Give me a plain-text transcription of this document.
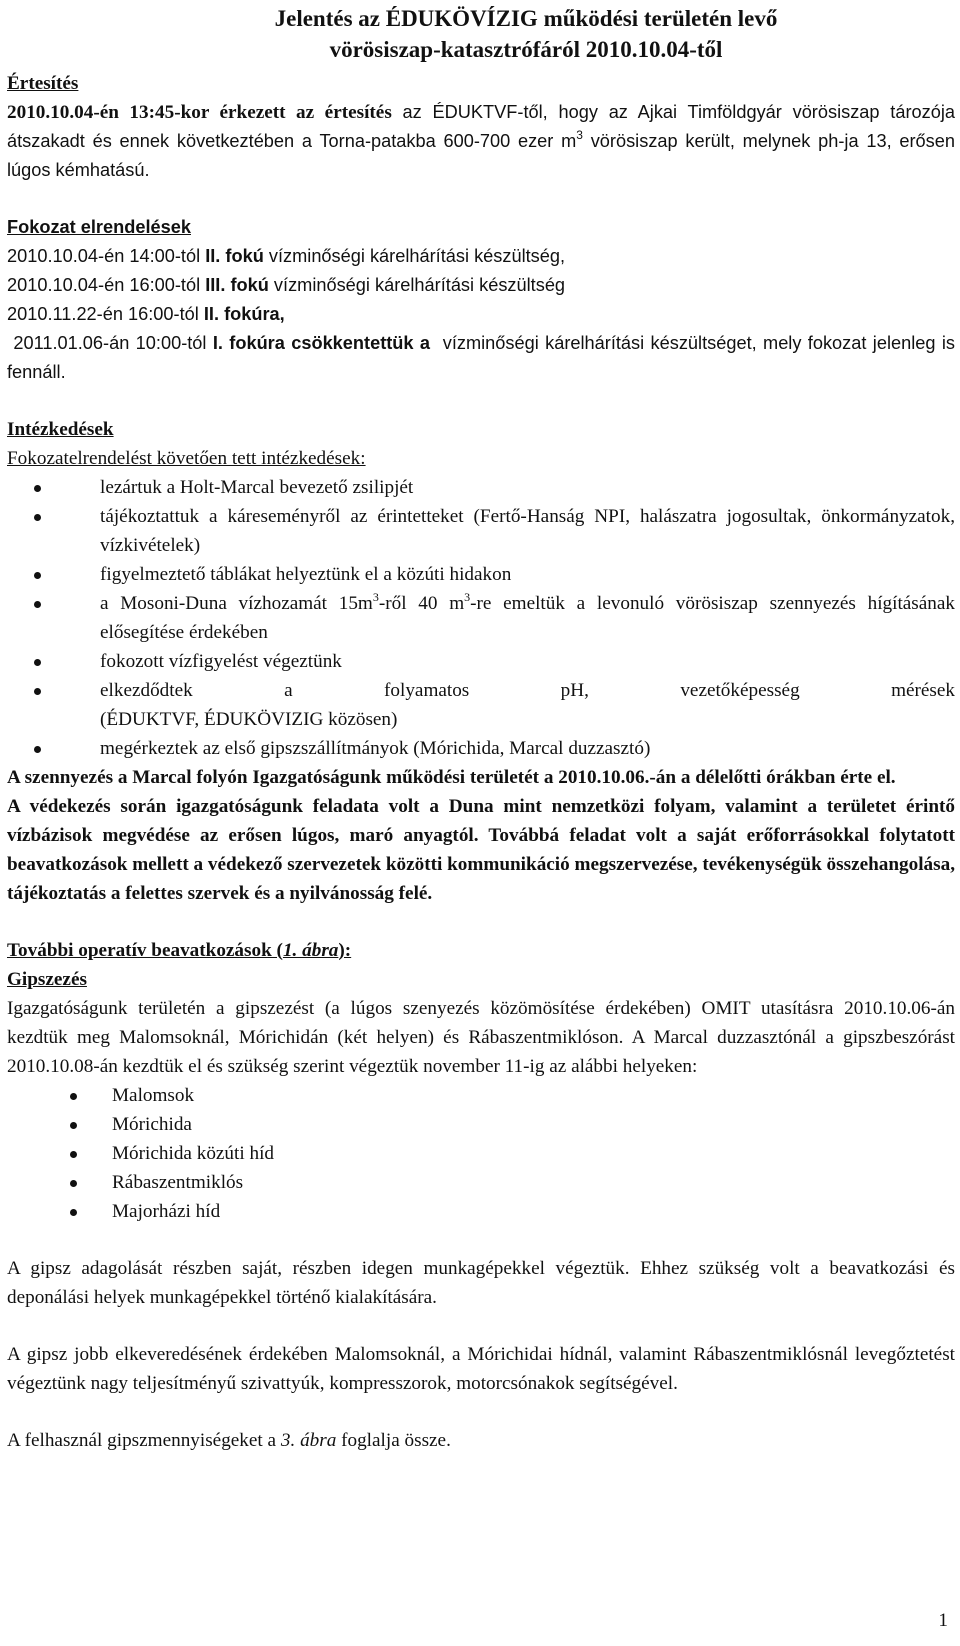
Jelentés az ÉDUKÖVÍZIG működési területén levő
vörösiszap-katasztrófáról 2010.10.04-től
Értesítés

2010.10.04-én 13:45-kor érkezett az értesítés az ÉDUKTVF-től, hogy az Ajkai Timföldgyár vörösiszap tározója átszakadt és ennek következtében a Torna-patakba 600-700 ezer $m^3$ vörösiszap került, melynek ph-ja 13, erősen lúgos kémhatású.

Fokozat elrendelések
2010.10.04-én 14:00-tól II. fokú vízminőségi kárelhárítási készültség,
2010.10.04-én 16:00-tól III. fokú vízminőségi kárelhárítási készültség
2010.11.22-én 16:00-tól II. fokúra,
2011.01.06-án 10:00-tól I. fokúra csökkentettük a  vízminőségi kárelhárítási készültséget, mely fokozat jelenleg is fennáll.
Intézkedések
Fokozatelrendelést követően tett intézkedések:
lezártuk a Holt-Marcal bevezető zsilipjét
tájékoztattuk a káreseményről az érintetteket (Fertő-Hanság NPI, halászatra jogosultak, önkormányzatok, vízkivételek)
figyelmeztető táblákat helyeztünk el a közúti hidakon
a Mosoni-Duna vízhozamát $15m^3$-ről 40 $m^3-re$ emeltük a levonuló vörösiszap szennyezés hígításának elősegítése érdekében
fokozott vízfigyelést végeztünk
elkezdődtek a folyamatos pH, vezetőképesség mérések
(ÉDUKTVF, ÉDUKÖVIZIG közösen)
megérkeztek az első gipszszállítmányok (Mórichida, Marcal duzzasztó)

A szennyezés a Marcal folyón Igazgatóságunk működési területét a 2010.10.06.-án a délelőtti órákban érte el.

A védekezés során igazgatóságunk feladata volt a Duna mint nemzetközi folyam, valamint a területet érintő vízbázisok megvédése az erősen lúgos, maró anyagtól. Továbbá feladat volt a saját erőforrásokkal folytatott beavatkozások mellett a védekező szervezetek közötti kommunikáció megszervezése, tevékenységük összehangolása, tájékoztatás a felettes szervek és a nyilvánosság felé.

További operatív beavatkozások (1. ábra):
Gipszezés

Igazgatóságunk területén a gipszezést (a lúgos szenyezés közömösítése érdekében) OMIT utasításra 2010.10.06-án kezdtük meg Malomsoknál, Mórichidán (két helyen) és Rábaszentmiklóson. A Marcal duzzasztónál a gipszbeszórást 2010.10.08-án kezdtük el és szükség szerint végeztük november 11-ig az alábbi helyeken:

Malomsok
Mórichida
Mórichida közúti híd
Rábaszentmiklós
Majorházi híd

A gipsz adagolását részben saját, részben idegen munkagépekkel végeztük. Ehhez szükség volt a beavatkozási és deponálási helyek munkagépekkel történő kialakítására.

A gipsz jobb elkeveredésének érdekében Malomsoknál, a Mórichidai hídnál, valamint Rábaszentmiklósnál levegőztetést végeztünk nagy teljesítményű szivattyúk, kompresszorok, motorcsónakok segítségével.

A felhasznál gipszmennyiségeket a 3. ábra foglalja össze.

1
